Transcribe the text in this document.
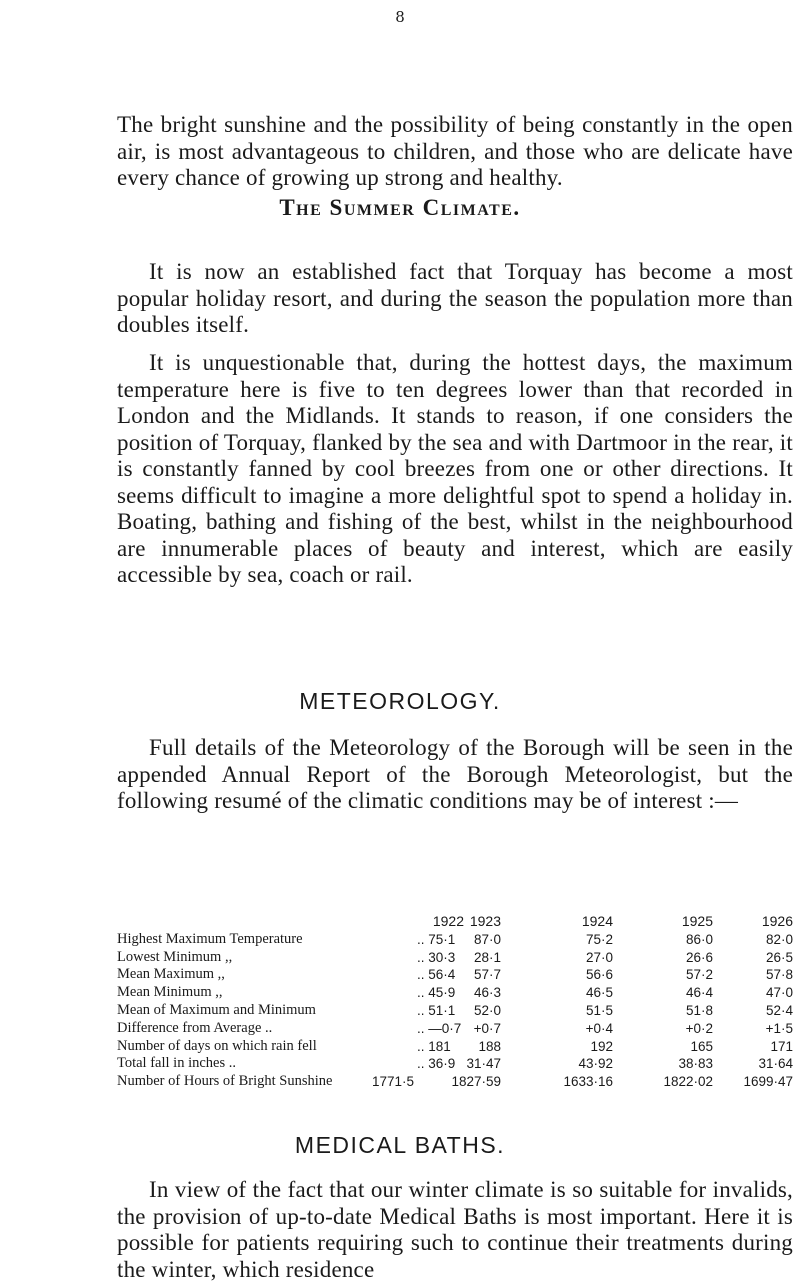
8

The bright sunshine and the possibility of being constantly in the open air, is most advantageous to children, and those who are delicate have every chance of growing up strong and healthy.

The Summer Climate.

It is now an established fact that Torquay has become a most popular holiday resort, and during the season the population more than doubles itself.

It is unquestionable that, during the hottest days, the maximum temperature here is five to ten degrees lower than that recorded in London and the Midlands. It stands to reason, if one considers the position of Torquay, flanked by the sea and with Dartmoor in the rear, it is constantly fanned by cool breezes from one or other directions. It seems difficult to imagine a more delightful spot to spend a holiday in. Boating, bathing and fishing of the best, whilst in the neighbourhood are innumerable places of beauty and interest, which are easily accessible by sea, coach or rail.

METEOROLOGY.

Full details of the Meteorology of the Borough will be seen in the appended Annual Report of the Borough Meteorologist, but the following resumé of the climatic conditions may be of interest :—

1922 1923	1924	1925	1926
Highest Maximum Temperature	.. 75·1	87·0	75·2	86·0	82·0
Lowest Minimum ,,	.. 30·3	28·1	27·0	26·6	26·5
Mean Maximum ,,	.. 56·4	57·7	56·6	57·2	57·8
Mean Minimum ,,	.. 45·9	46·3	46·5	46·4	47·0
Mean of Maximum and Minimum	.. 51·1	52·0	51·5	51·8	52·4
Difference from Average ..	.. —0·7 +0·7	+0·4	+0·2	+1·5
Number of days on which rain fell	.. 181	188	192	165	171
Total fall in inches ..	.. 36·9 31·47	43·92	38·83	31·64
Number of Hours of Bright Sunshine	1771·5	1827·59	1633·16	1822·02	1699·47
MEDICAL BATHS.

In view of the fact that our winter climate is so suitable for invalids, the provision of up-to-date Medical Baths is most important. Here it is possible for patients requiring such to continue their treatments during the winter, which residence
